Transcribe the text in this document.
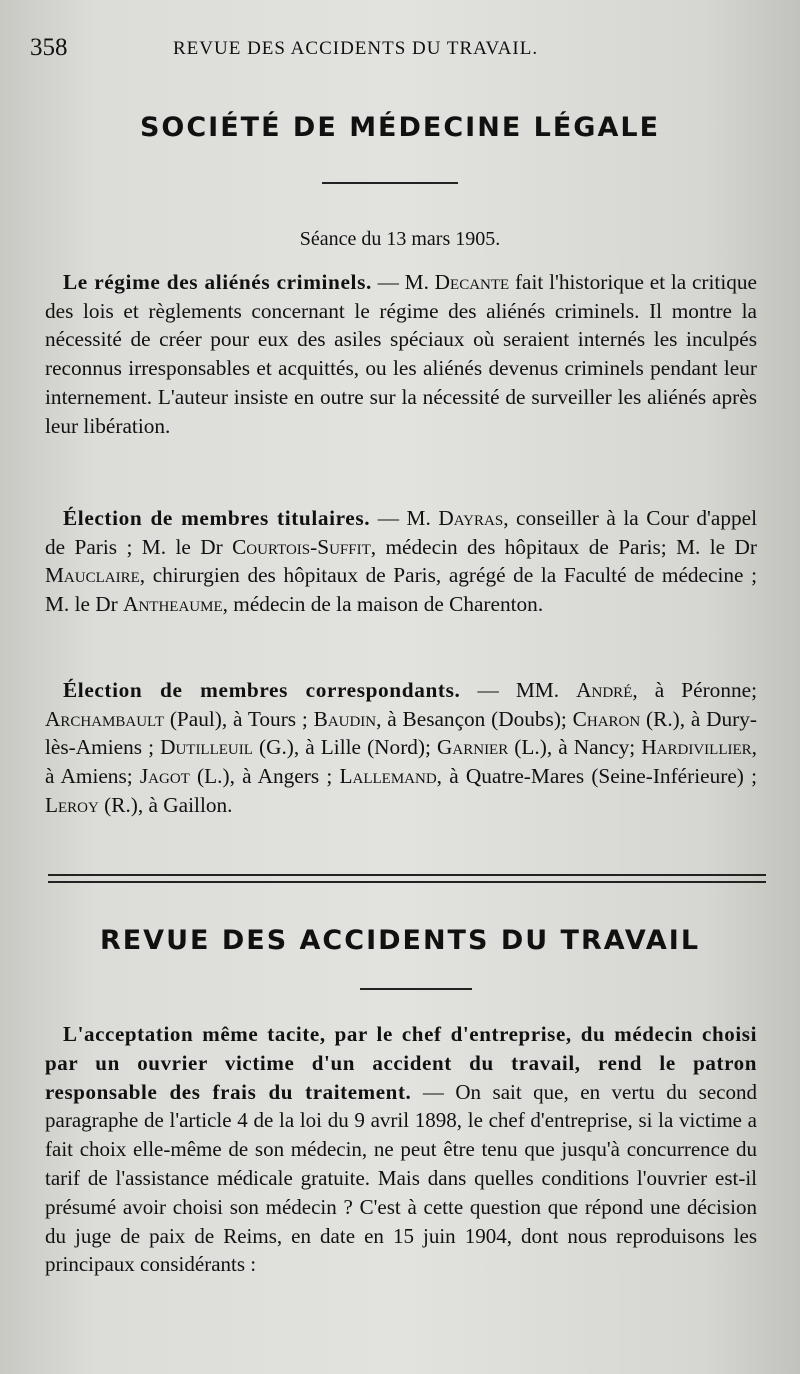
358	REVUE DES ACCIDENTS DU TRAVAIL.
SOCIÉTÉ DE MÉDECINE LÉGALE
Séance du 13 mars 1905.

Le régime des aliénés criminels. — M. Decante fait l'historique et la critique des lois et règlements concernant le régime des aliénés criminels. Il montre la nécessité de créer pour eux des asiles spéciaux où seraient internés les inculpés reconnus irresponsables et acquittés, ou les aliénés devenus criminels pendant leur internement. L'auteur insiste en outre sur la nécessité de surveiller les aliénés après leur libération.

Élection de membres titulaires. — M. Dayras, conseiller à la Cour d'appel de Paris ; M. le Dr Courtois-Suffit, médecin des hôpitaux de Paris; M. le Dr Mauclaire, chirurgien des hôpitaux de Paris, agrégé de la Faculté de médecine ; M. le Dr Antheaume, médecin de la maison de Charenton.

Élection de membres correspondants. — MM. André, à Péronne; Archambault (Paul), à Tours ; Baudin, à Besançon (Doubs); Charon (R.), à Dury-lès-Amiens ; Dutilleuil (G.), à Lille (Nord); Garnier (L.), à Nancy; Hardivillier, à Amiens; Jagot (L.), à Angers ; Lallemand, à Quatre-Mares (Seine-Inférieure) ; Leroy (R.), à Gaillon.

REVUE DES ACCIDENTS DU TRAVAIL

L'acceptation même tacite, par le chef d'entreprise, du médecin choisi par un ouvrier victime d'un accident du travail, rend le patron responsable des frais du traitement. — On sait que, en vertu du second paragraphe de l'article 4 de la loi du 9 avril 1898, le chef d'entreprise, si la victime a fait choix elle-même de son médecin, ne peut être tenu que jusqu'à concurrence du tarif de l'assistance médicale gratuite. Mais dans quelles conditions l'ouvrier est-il présumé avoir choisi son médecin ? C'est à cette question que répond une décision du juge de paix de Reims, en date en 15 juin 1904, dont nous reproduisons les principaux considérants :
